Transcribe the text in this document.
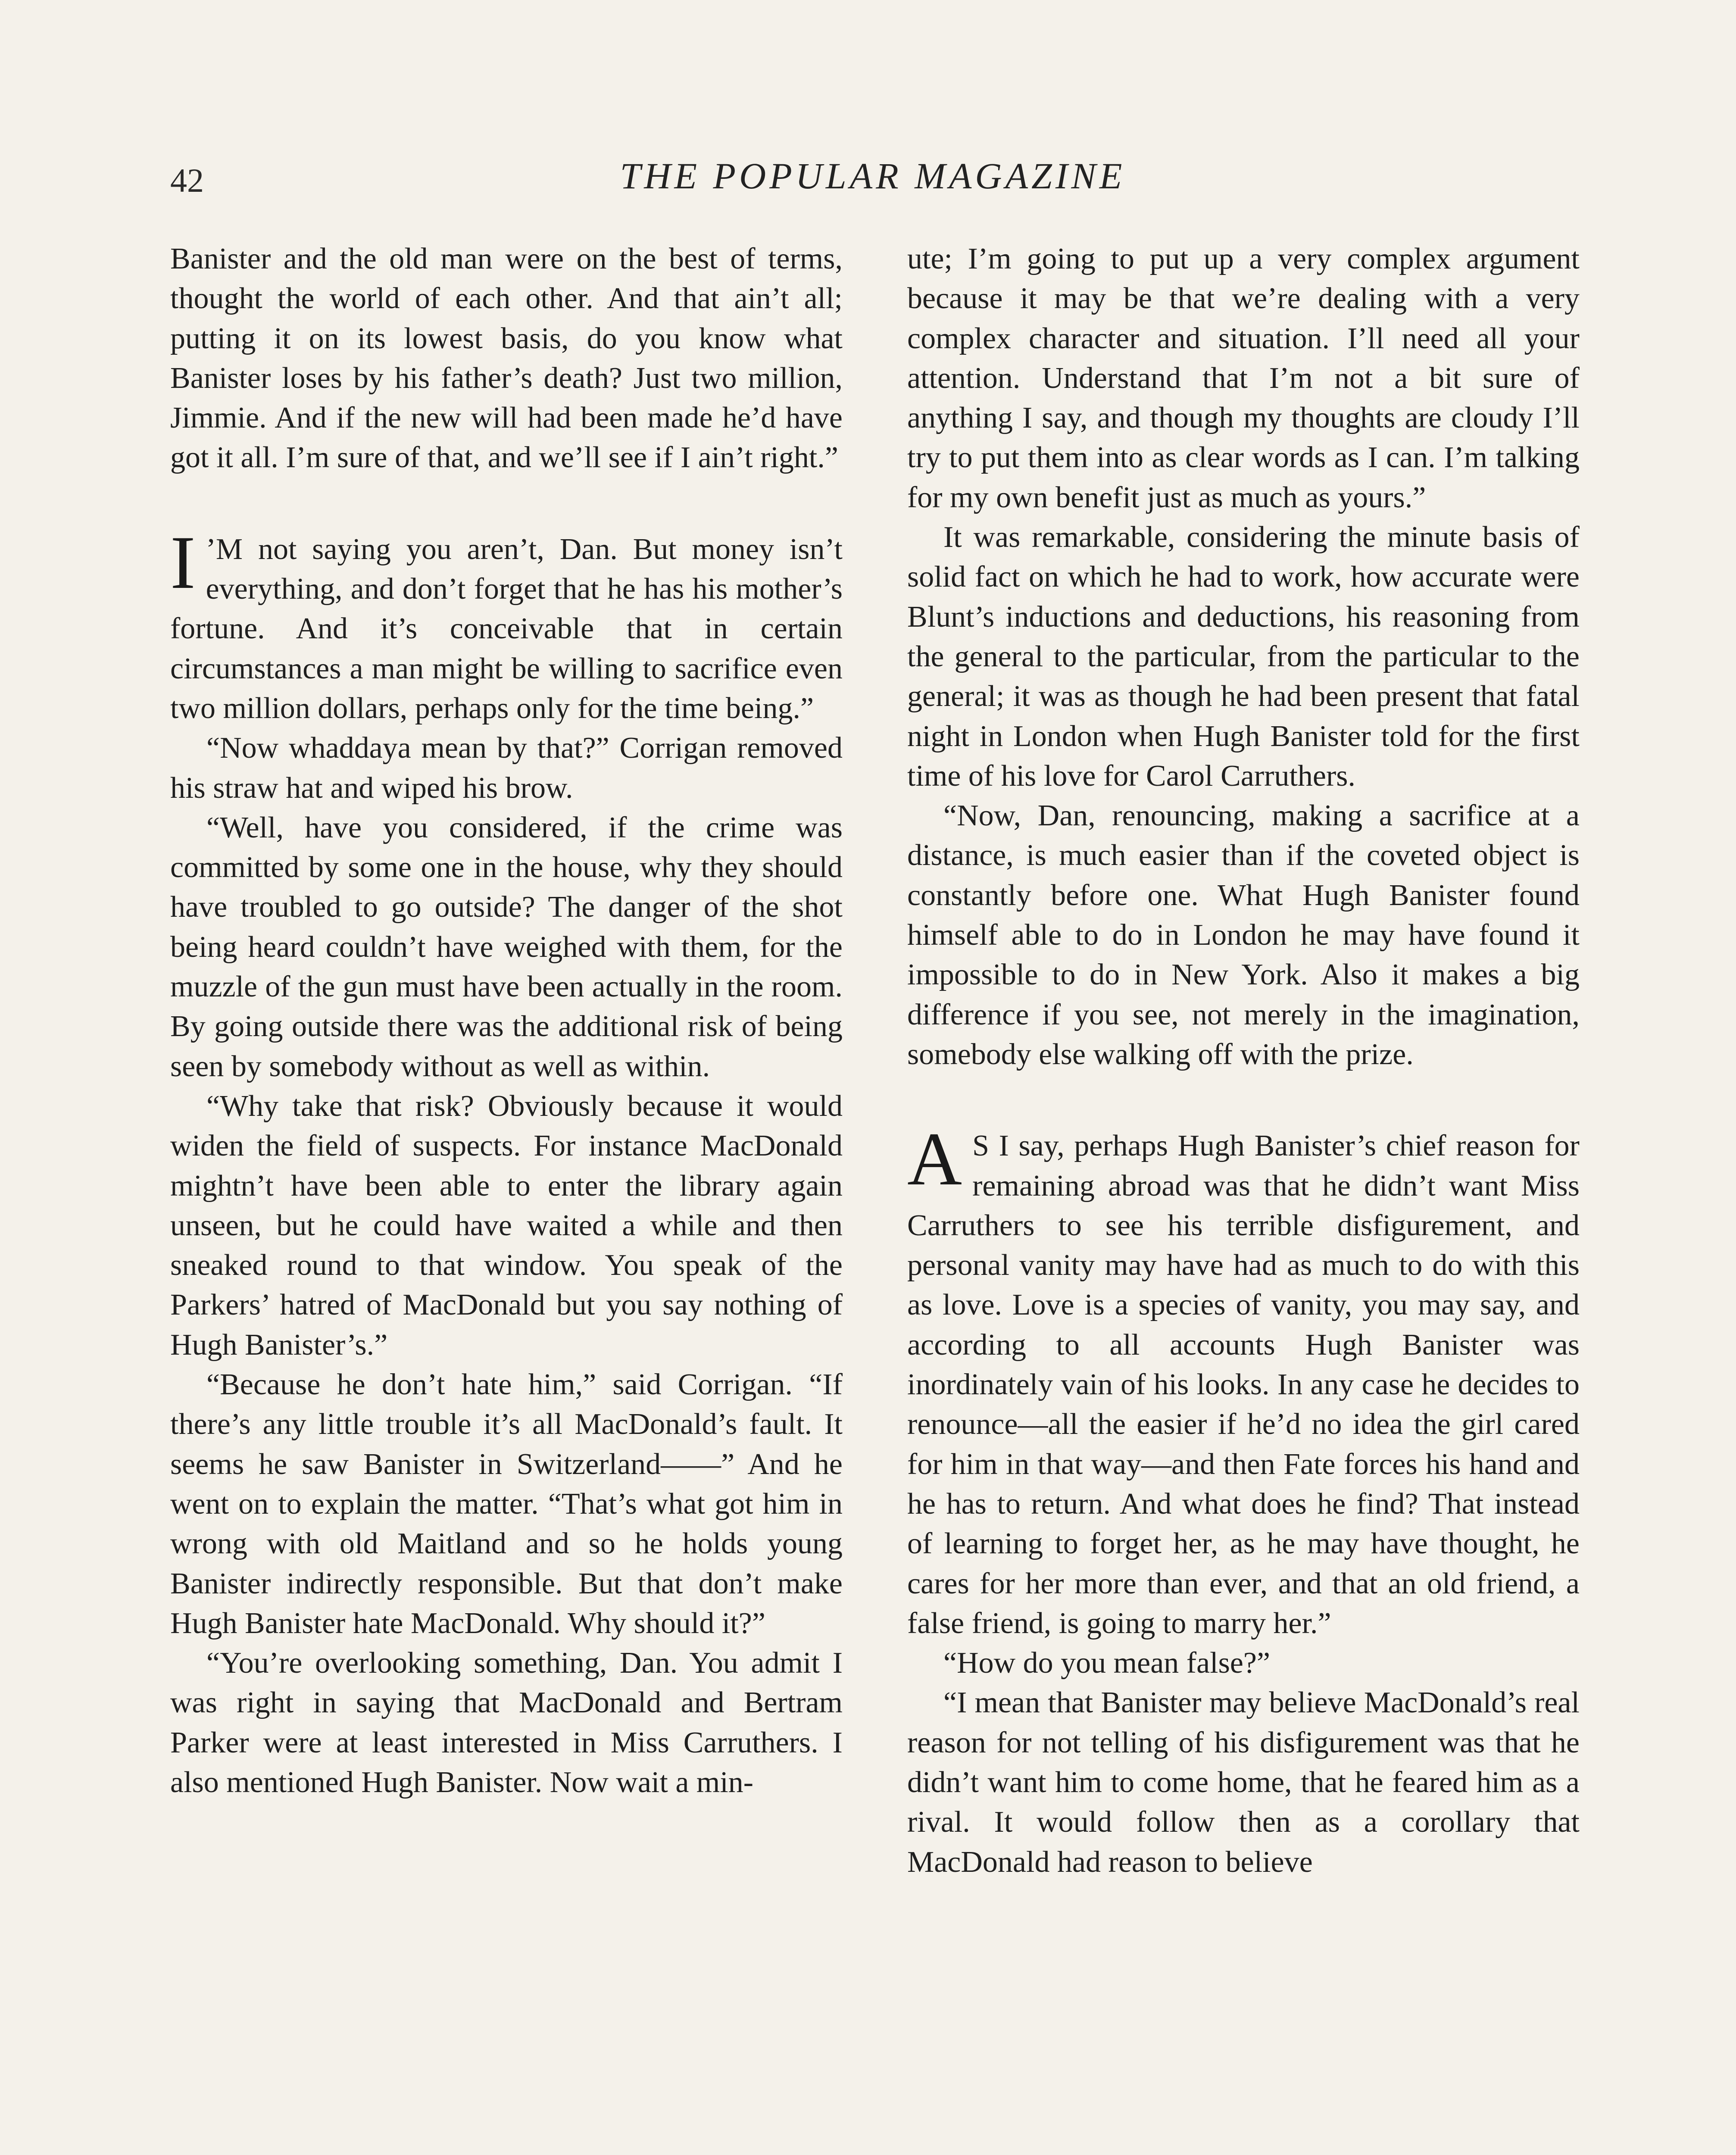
42	THE POPULAR MAGAZINE

Banister and the old man were on the best of terms, thought the world of each other. And that ain’t all; putting it on its lowest basis, do you know what Banister loses by his father’s death? Just two million, Jimmie. And if the new will had been made he’d have got it all. I’m sure of that, and we’ll see if I ain’t right.”

I ’M not saying you aren’t, Dan. But money isn’t everything, and don’t forget that he has his mother’s fortune. And it’s conceivable that in certain circumstances a man might be willing to sacrifice even two million dollars, perhaps only for the time being.”

“Now whaddaya mean by that?” Corrigan removed his straw hat and wiped his brow.

“Well, have you considered, if the crime was committed by some one in the house, why they should have troubled to go outside? The danger of the shot being heard couldn’t have weighed with them, for the muzzle of the gun must have been actually in the room. By going outside there was the additional risk of being seen by somebody without as well as within.

“Why take that risk? Obviously because it would widen the field of suspects. For instance MacDonald mightn’t have been able to enter the library again unseen, but he could have waited a while and then sneaked round to that window. You speak of the Parkers’ hatred of MacDonald but you say nothing of Hugh Banister’s.”

“Because he don’t hate him,” said Corrigan. “If there’s any little trouble it’s all MacDonald’s fault. It seems he saw Banister in Switzerland——” And he went on to explain the matter. “That’s what got him in wrong with old Maitland and so he holds young Banister indirectly responsible. But that don’t make Hugh Banister hate MacDonald. Why should it?”

“You’re overlooking something, Dan. You admit I was right in saying that MacDonald and Bertram Parker were at least interested in Miss Carruthers. I also mentioned Hugh Banister. Now wait a min-

ute; I’m going to put up a very complex argument because it may be that we’re dealing with a very complex character and situation. I’ll need all your attention. Understand that I’m not a bit sure of anything I say, and though my thoughts are cloudy I’ll try to put them into as clear words as I can. I’m talking for my own benefit just as much as yours.”

It was remarkable, considering the minute basis of solid fact on which he had to work, how accurate were Blunt’s inductions and deductions, his reasoning from the general to the particular, from the particular to the general; it was as though he had been present that fatal night in London when Hugh Banister told for the first time of his love for Carol Carruthers.

“Now, Dan, renouncing, making a sacrifice at a distance, is much easier than if the coveted object is constantly before one. What Hugh Banister found himself able to do in London he may have found it impossible to do in New York. Also it makes a big difference if you see, not merely in the imagination, somebody else walking off with the prize.

A S I say, perhaps Hugh Banister’s chief reason for remaining abroad was that he didn’t want Miss Carruthers to see his terrible disfigurement, and personal vanity may have had as much to do with this as love. Love is a species of vanity, you may say, and according to all accounts Hugh Banister was inordinately vain of his looks. In any case he decides to renounce—all the easier if he’d no idea the girl cared for him in that way—and then Fate forces his hand and he has to return. And what does he find? That instead of learning to forget her, as he may have thought, he cares for her more than ever, and that an old friend, a false friend, is going to marry her.”

“How do you mean false?”

“I mean that Banister may believe MacDonald’s real reason for not telling of his disfigurement was that he didn’t want him to come home, that he feared him as a rival. It would follow then as a corollary that MacDonald had reason to believe
